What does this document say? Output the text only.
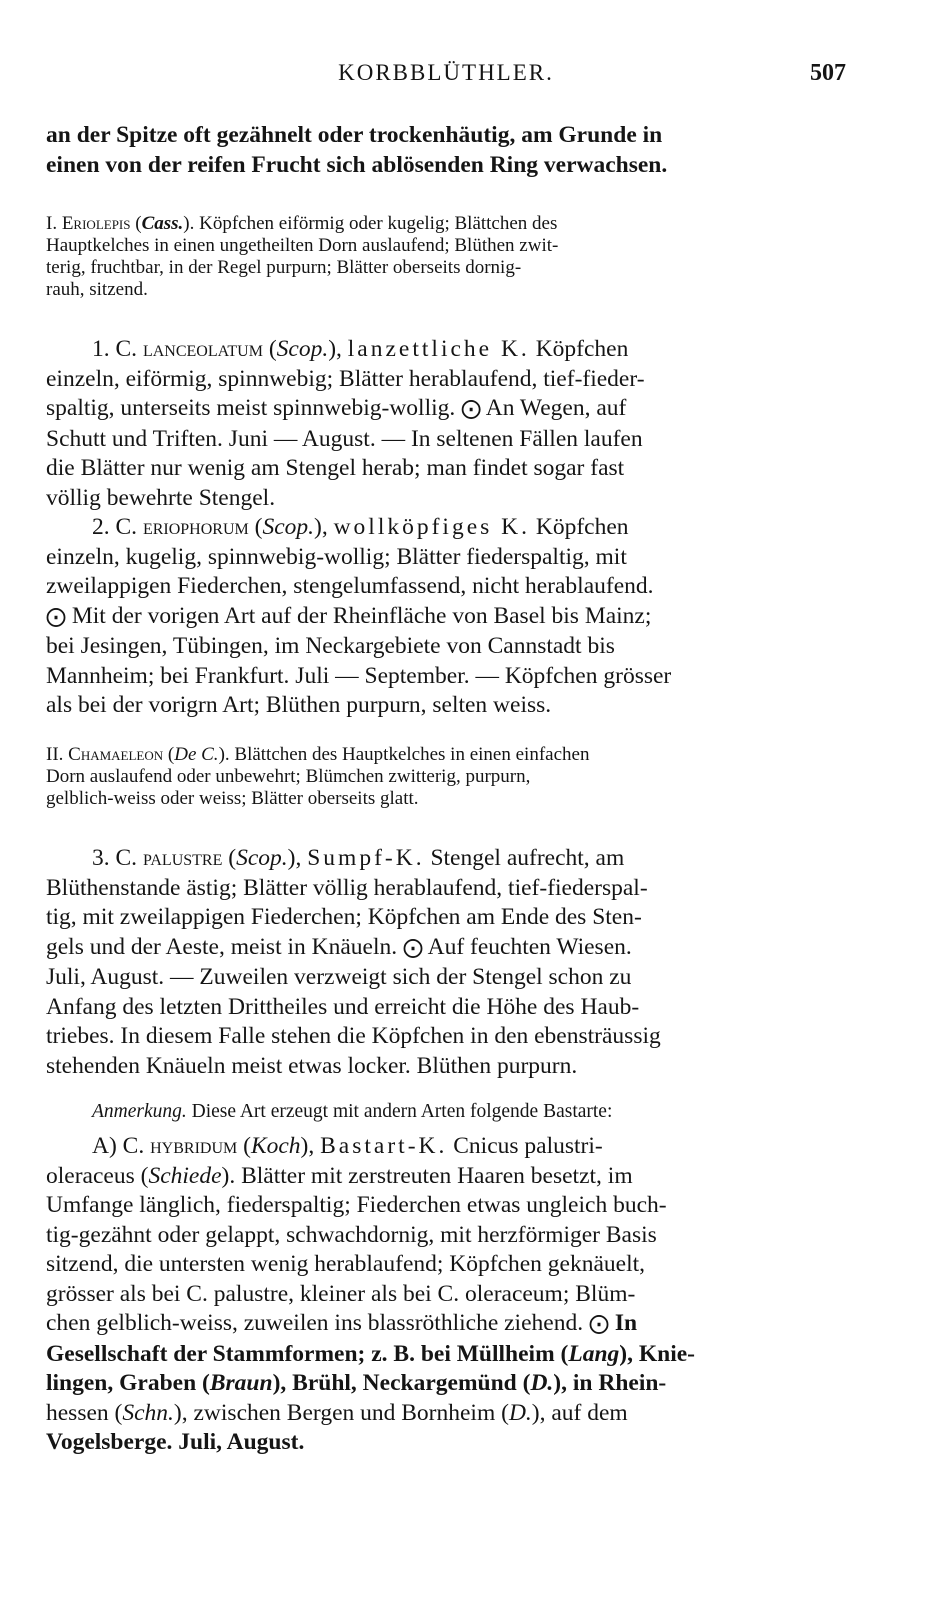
KORBBLÜTHLER.	507
an der Spitze oft gezähnelt oder trockenhäutig, am Grunde in
einen von der reifen Frucht sich ablösenden Ring verwachsen.
I. Eriolepis (Cass.). Köpfchen eiförmig oder kugelig; Blättchen des
Hauptkelches in einen ungetheilten Dorn auslaufend; Blüthen zwit-
terig, fruchtbar, in der Regel purpurn; Blätter oberseits dornig-
rauh, sitzend.
1. C. lanceolatum (Scop.), lanzettliche K. Köpfchen
einzeln, eiförmig, spinnwebig; Blätter herablaufend, tief-fieder-
spaltig, unterseits meist spinnwebig-wollig. ⨀ An Wegen, auf
Schutt und Triften. Juni — August. — In seltenen Fällen laufen
die Blätter nur wenig am Stengel herab; man findet sogar fast
völlig bewehrte Stengel.
2. C. eriophorum (Scop.), wollköpfiges K. Köpfchen
einzeln, kugelig, spinnwebig-wollig; Blätter fiederspaltig, mit
zweilappigen Fiederchen, stengelumfassend, nicht herablaufend.
⨀ Mit der vorigen Art auf der Rheinfläche von Basel bis Mainz;
bei Jesingen, Tübingen, im Neckargebiete von Cannstadt bis
Mannheim; bei Frankfurt. Juli — September. — Köpfchen grösser
als bei der vorigrn Art; Blüthen purpurn, selten weiss.
II. Chamaeleon (De C.). Blättchen des Hauptkelches in einen einfachen
Dorn auslaufend oder unbewehrt; Blümchen zwitterig, purpurn,
gelblich-weiss oder weiss; Blätter oberseits glatt.
3. C. palustre (Scop.), Sumpf-K. Stengel aufrecht, am
Blüthenstande ästig; Blätter völlig herablaufend, tief-fiederspal-
tig, mit zweilappigen Fiederchen; Köpfchen am Ende des Sten-
gels und der Aeste, meist in Knäueln. ⨀ Auf feuchten Wiesen.
Juli, August. — Zuweilen verzweigt sich der Stengel schon zu
Anfang des letzten Drittheiles und erreicht die Höhe des Haub-
triebes. In diesem Falle stehen die Köpfchen in den ebensträussig
stehenden Knäueln meist etwas locker. Blüthen purpurn.
Anmerkung. Diese Art erzeugt mit andern Arten folgende Bastarte:
A) C. hybridum (Koch), Bastart-K. Cnicus palustri-
oleraceus (Schiede). Blätter mit zerstreuten Haaren besetzt, im
Umfange länglich, fiederspaltig; Fiederchen etwas ungleich buch-
tig-gezähnt oder gelappt, schwachdornig, mit herzförmiger Basis
sitzend, die untersten wenig herablaufend; Köpfchen geknäuelt,
grösser als bei C. palustre, kleiner als bei C. oleraceum; Blüm-
chen gelblich-weiss, zuweilen ins blassröthliche ziehend. ⨀ In
Gesellschaft der Stammformen; z. B. bei Müllheim (Lang), Knie-
lingen, Graben (Braun), Brühl, Neckargemünd (D.), in Rhein-
hessen (Schn.), zwischen Bergen und Bornheim (D.), auf dem
Vogelsberge. Juli, August.
